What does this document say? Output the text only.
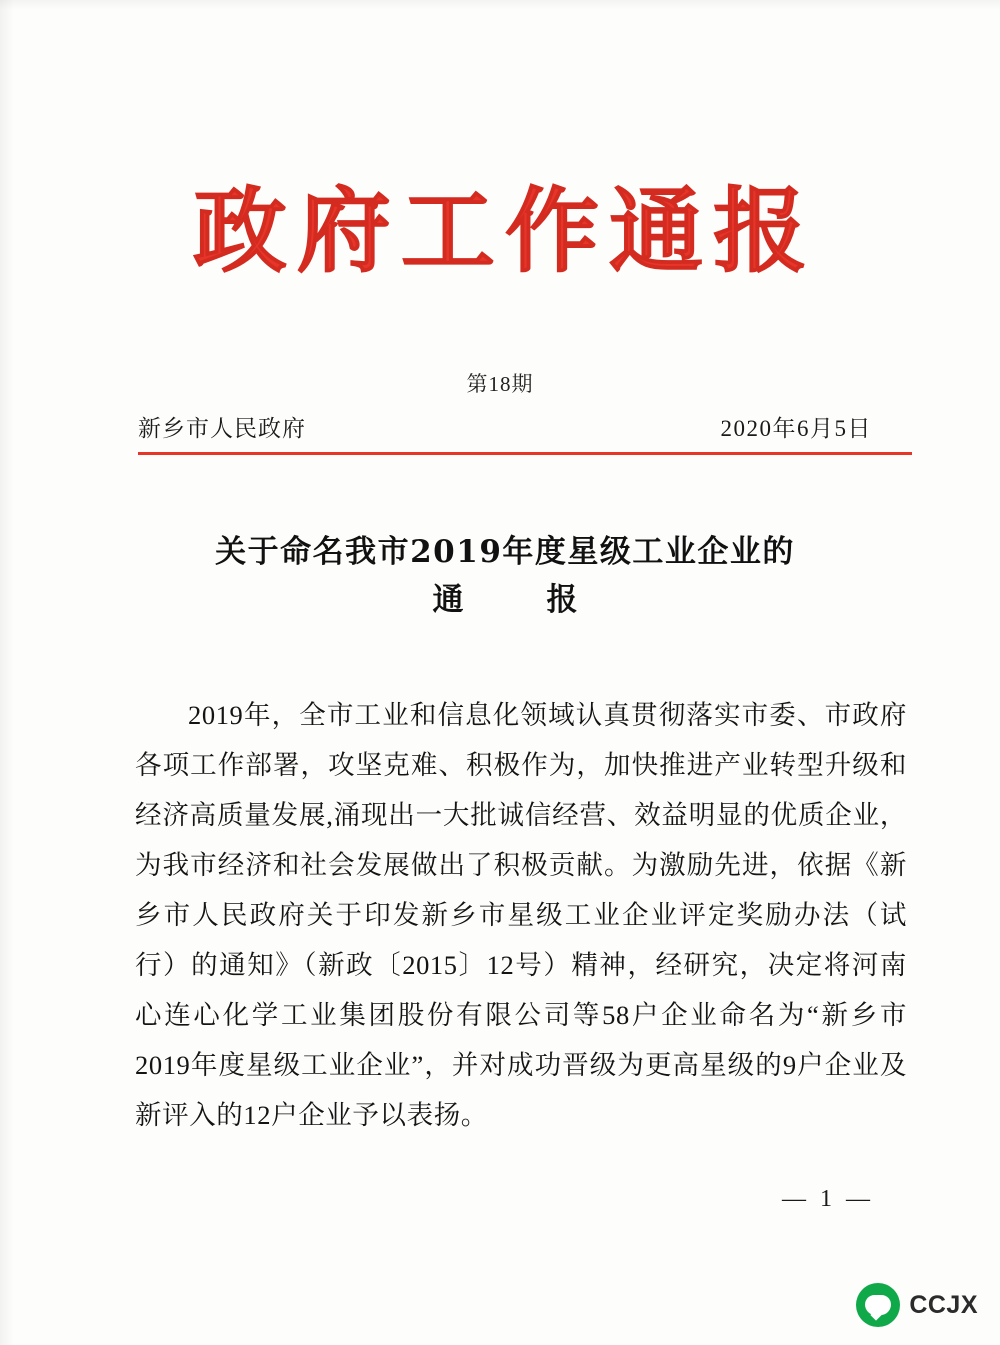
政府工作通报
第18期
新乡市人民政府	2020年6月5日
关于命名我市2019年度星级工业企业的
通　报

2019年，全市工业和信息化领域认真贯彻落实市委、市政府各项工作部署，攻坚克难、积极作为，加快推进产业转型升级和经济高质量发展,涌现出一大批诚信经营、效益明显的优质企业，为我市经济和社会发展做出了积极贡献。为激励先进，依据《新乡市人民政府关于印发新乡市星级工业企业评定奖励办法（试行）的通知》（新政〔2015〕12号）精神，经研究，决定将河南心连心化学工业集团股份有限公司等58户企业命名为“新乡市2019年度星级工业企业”，并对成功晋级为更高星级的9户企业及新评入的12户企业予以表扬。

— 1 —
CCJX
